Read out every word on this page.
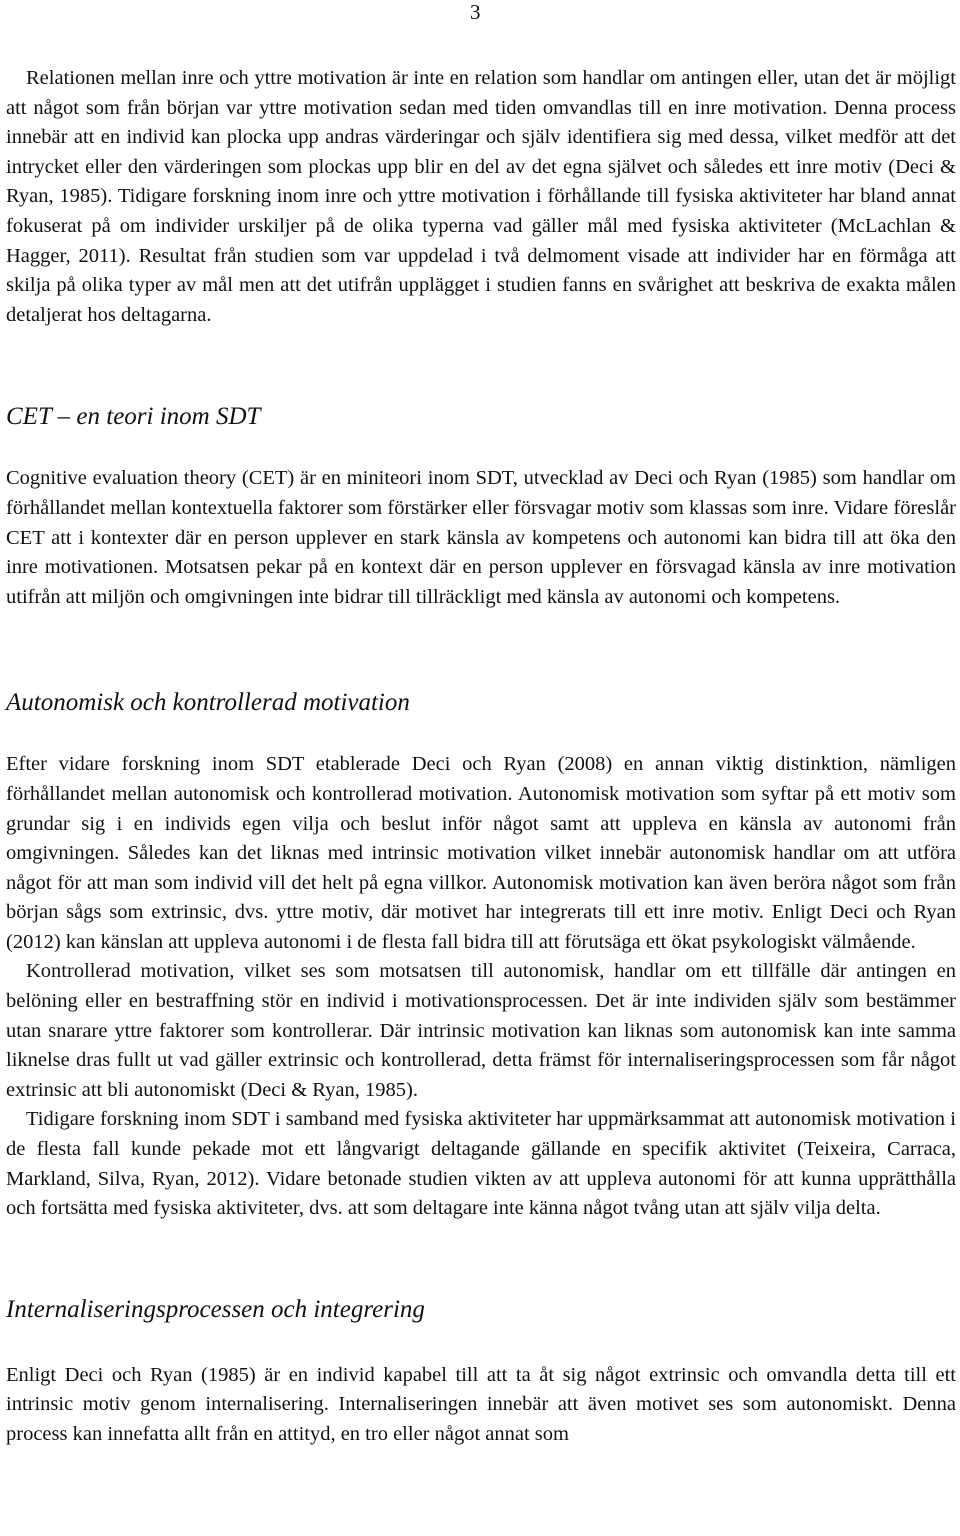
3

Relationen mellan inre och yttre motivation är inte en relation som handlar om antingen eller, utan det är möjligt att något som från början var yttre motivation sedan med tiden omvandlas till en inre motivation. Denna process innebär att en individ kan plocka upp andras värderingar och själv identifiera sig med dessa, vilket medför att det intrycket eller den värderingen som plockas upp blir en del av det egna självet och således ett inre motiv (Deci & Ryan, 1985). Tidigare forskning inom inre och yttre motivation i förhållande till fysiska aktiviteter har bland annat fokuserat på om individer urskiljer på de olika typerna vad gäller mål med fysiska aktiviteter (McLachlan & Hagger, 2011). Resultat från studien som var uppdelad i två delmoment visade att individer har en förmåga att skilja på olika typer av mål men att det utifrån upplägget i studien fanns en svårighet att beskriva de exakta målen detaljerat hos deltagarna.

CET – en teori inom SDT

Cognitive evaluation theory (CET) är en miniteori inom SDT, utvecklad av Deci och Ryan (1985) som handlar om förhållandet mellan kontextuella faktorer som förstärker eller försvagar motiv som klassas som inre. Vidare föreslår CET att i kontexter där en person upplever en stark känsla av kompetens och autonomi kan bidra till att öka den inre motivationen. Motsatsen pekar på en kontext där en person upplever en försvagad känsla av inre motivation utifrån att miljön och omgivningen inte bidrar till tillräckligt med känsla av autonomi och kompetens.

Autonomisk och kontrollerad motivation

Efter vidare forskning inom SDT etablerade Deci och Ryan (2008) en annan viktig distinktion, nämligen förhållandet mellan autonomisk och kontrollerad motivation. Autonomisk motivation som syftar på ett motiv som grundar sig i en individs egen vilja och beslut inför något samt att uppleva en känsla av autonomi från omgivningen. Således kan det liknas med intrinsic motivation vilket innebär autonomisk handlar om att utföra något för att man som individ vill det helt på egna villkor. Autonomisk motivation kan även beröra något som från början sågs som extrinsic, dvs. yttre motiv, där motivet har integrerats till ett inre motiv. Enligt Deci och Ryan (2012) kan känslan att uppleva autonomi i de flesta fall bidra till att förutsäga ett ökat psykologiskt välmående.

Kontrollerad motivation, vilket ses som motsatsen till autonomisk, handlar om ett tillfälle där antingen en belöning eller en bestraffning stör en individ i motivationsprocessen. Det är inte individen själv som bestämmer utan snarare yttre faktorer som kontrollerar. Där intrinsic motivation kan liknas som autonomisk kan inte samma liknelse dras fullt ut vad gäller extrinsic och kontrollerad, detta främst för internaliseringsprocessen som får något extrinsic att bli autonomiskt (Deci & Ryan, 1985).

Tidigare forskning inom SDT i samband med fysiska aktiviteter har uppmärksammat att autonomisk motivation i de flesta fall kunde pekade mot ett långvarigt deltagande gällande en specifik aktivitet (Teixeira, Carraca, Markland, Silva, Ryan, 2012). Vidare betonade studien vikten av att uppleva autonomi för att kunna upprätthålla och fortsätta med fysiska aktiviteter, dvs. att som deltagare inte känna något tvång utan att själv vilja delta.

Internaliseringsprocessen och integrering

Enligt Deci och Ryan (1985) är en individ kapabel till att ta åt sig något extrinsic och omvandla detta till ett intrinsic motiv genom internalisering. Internaliseringen innebär att även motivet ses som autonomiskt. Denna process kan innefatta allt från en attityd, en tro eller något annat som
